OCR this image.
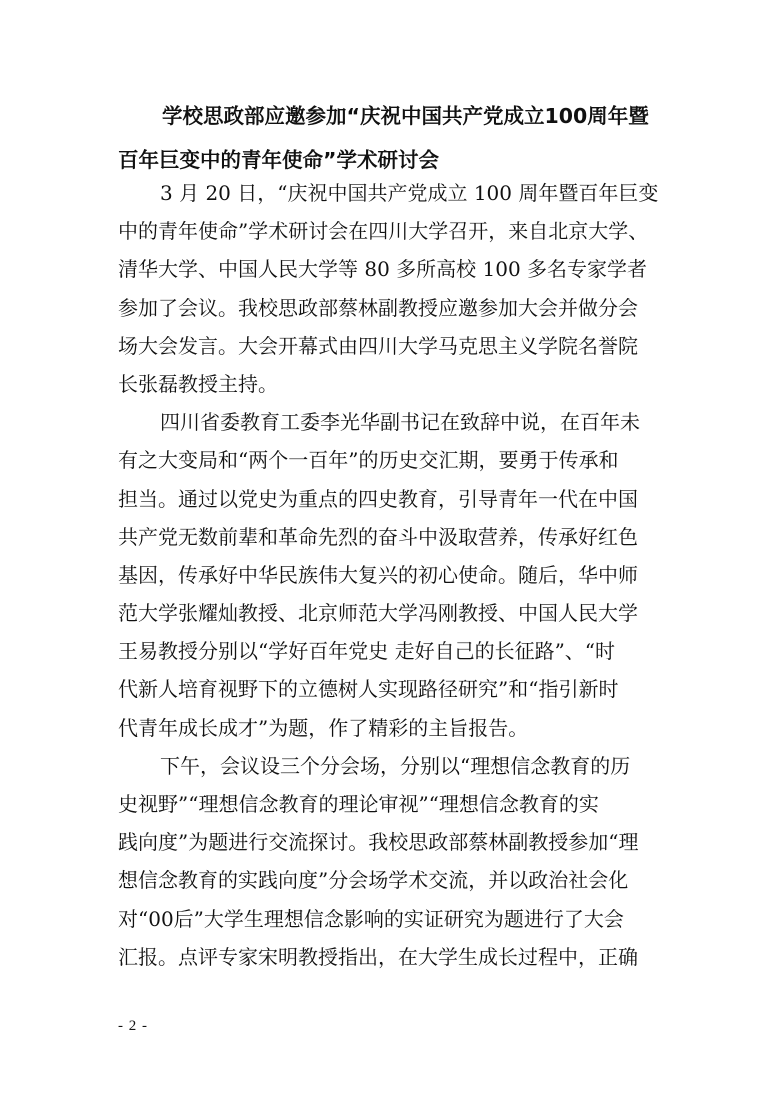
学校思政部应邀参加“庆祝中国共产党成立100周年暨
百年巨变中的青年使命”学术研讨会
3 月 20 日，“庆祝中国共产党成立 100 周年暨百年巨变
中的青年使命”学术研讨会在四川大学召开，来自北京大学、
清华大学、中国人民大学等 80 多所高校 100 多名专家学者
参加了会议。我校思政部蔡林副教授应邀参加大会并做分会
场大会发言。大会开幕式由四川大学马克思主义学院名誉院
长张磊教授主持。
四川省委教育工委李光华副书记在致辞中说，在百年未
有之大变局和“两个一百年”的历史交汇期，要勇于传承和
担当。通过以党史为重点的四史教育，引导青年一代在中国
共产党无数前辈和革命先烈的奋斗中汲取营养，传承好红色
基因，传承好中华民族伟大复兴的初心使命。随后，华中师
范大学张耀灿教授、北京师范大学冯刚教授、中国人民大学
王易教授分别以“学好百年党史 走好自己的长征路”、“时
代新人培育视野下的立德树人实现路径研究”和“指引新时
代青年成长成才”为题，作了精彩的主旨报告。
下午，会议设三个分会场，分别以“理想信念教育的历
史视野”“理想信念教育的理论审视”“理想信念教育的实
践向度”为题进行交流探讨。我校思政部蔡林副教授参加“理
想信念教育的实践向度”分会场学术交流，并以政治社会化
对“00后”大学生理想信念影响的实证研究为题进行了大会
汇报。点评专家宋明教授指出，在大学生成长过程中，正确
- 2 -
